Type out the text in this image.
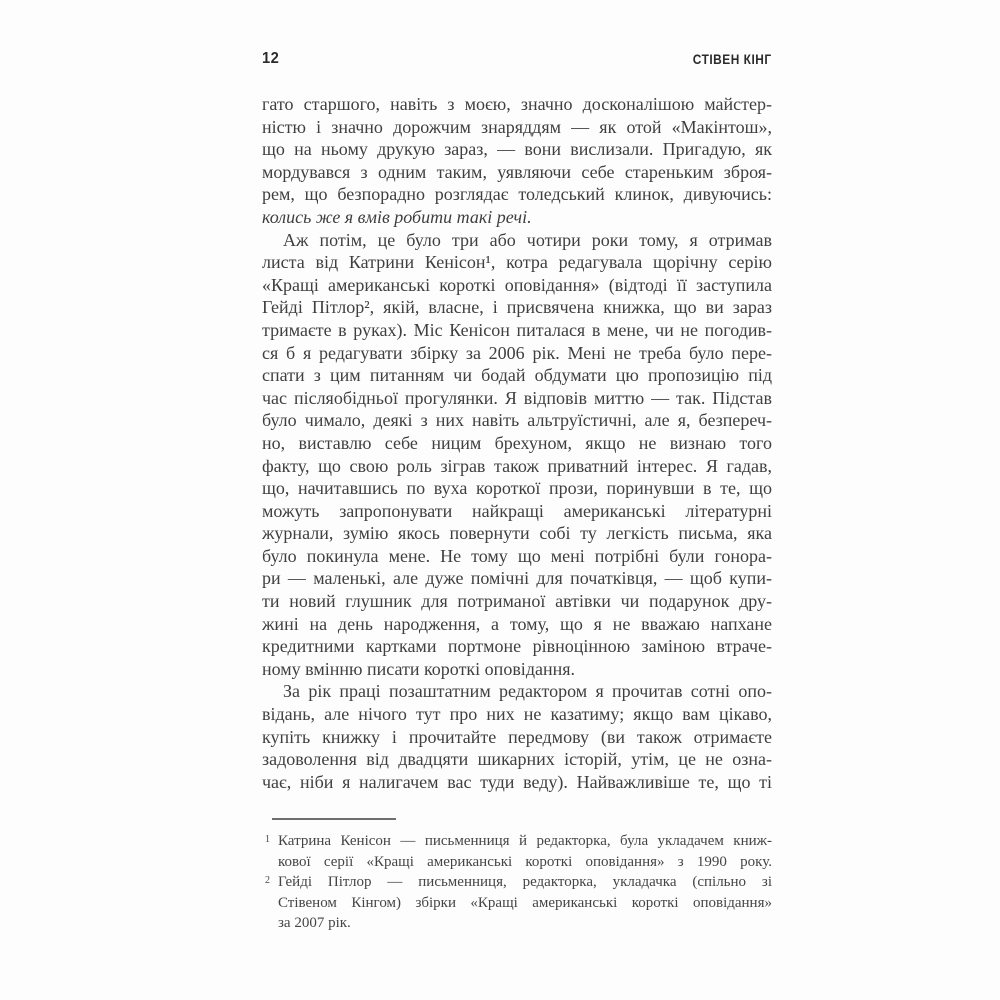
12	СТІВЕН КІНГ
гато старшого, навіть з моєю, значно досконалішою майстер-
ністю і значно дорожчим знаряддям — як отой «Макінтош»,
що на ньому друкую зараз, — вони вислизали. Пригадую, як
мордувався з одним таким, уявляючи себе стареньким зброя-
рем, що безпорадно розглядає толедський клинок, дивуючись:
колись же я вмів робити такі речі.
Аж потім, це було три або чотири роки тому, я отримав
листа від Катрини Кенісон¹, котра редагувала щорічну серію
«Кращі американські короткі оповідання» (відтоді її заступила
Гейді Пітлор², якій, власне, і присвячена книжка, що ви зараз
тримаєте в руках). Міс Кенісон питалася в мене, чи не погодив-
ся б я редагувати збірку за 2006 рік. Мені не треба було пере-
спати з цим питанням чи бодай обдумати цю пропозицію під
час післяобідньої прогулянки. Я відповів миттю — так. Підстав
було чимало, деякі з них навіть альтруїстичні, але я, безпереч-
но, виставлю себе ницим брехуном, якщо не визнаю того
факту, що свою роль зіграв також приватний інтерес. Я гадав,
що, начитавшись по вуха короткої прози, поринувши в те, що
можуть запропонувати найкращі американські літературні
журнали, зумію якось повернути собі ту легкість письма, яка
було покинула мене. Не тому що мені потрібні були гонора-
ри — маленькі, але дуже помічні для початківця, — щоб купи-
ти новий глушник для потриманої автівки чи подарунок дру-
жині на день народження, а тому, що я не вважаю напхане
кредитними картками портмоне рівноцінною заміною втраче-
ному вмінню писати короткі оповідання.
За рік праці позаштатним редактором я прочитав сотні опо-
відань, але нічого тут про них не казатиму; якщо вам цікаво,
купіть книжку і прочитайте передмову (ви також отримаєте
задоволення від двадцяти шикарних історій, утім, це не озна-
чає, ніби я налигачем вас туди веду). Найважливіше те, що ті
1 Катрина Кенісон — письменниця й редакторка, була укладачем книж-
кової серії «Кращі американські короткі оповідання» з 1990 року.
2 Гейді Пітлор — письменниця, редакторка, укладачка (спільно зі
Стівеном Кінгом) збірки «Кращі американські короткі оповідання»
за 2007 рік.
